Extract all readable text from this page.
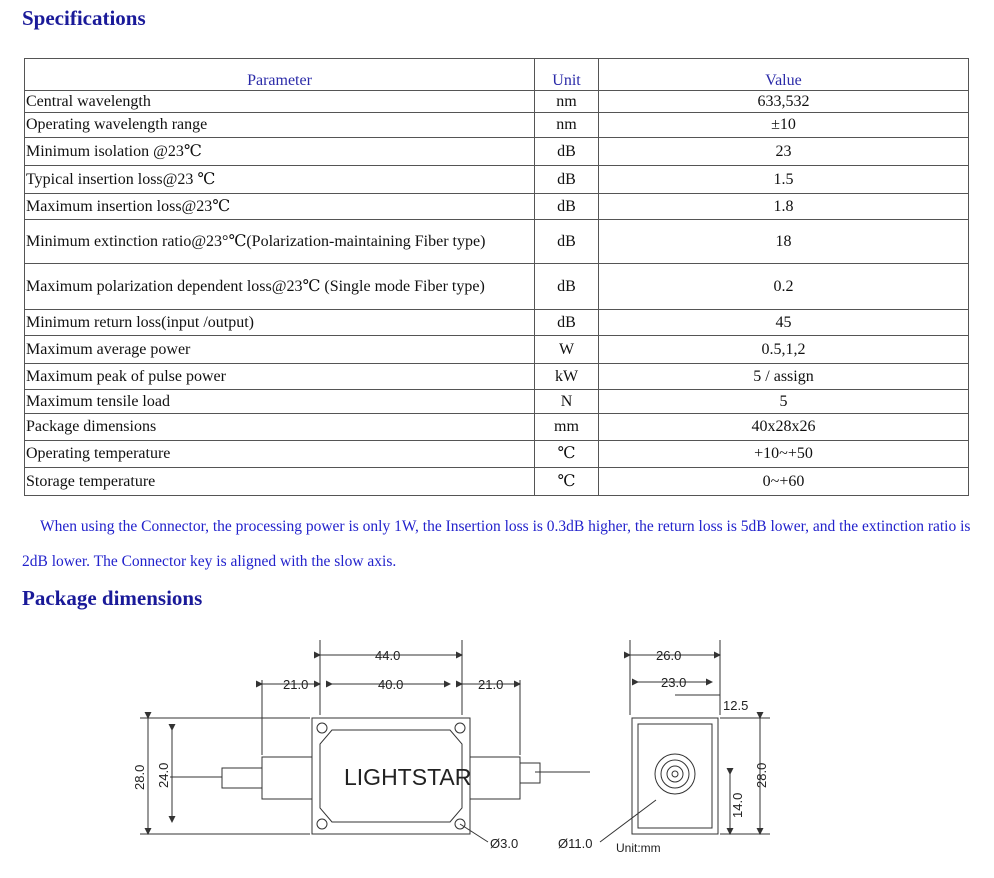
Specifications
Parameter	Unit	Value
Central wavelength	nm	633,532
Operating wavelength range	nm	±10
Minimum isolation @23℃	dB	23
Typical insertion loss@23 ℃	dB	1.5
Maximum insertion loss@23℃	dB	1.8
Minimum extinction ratio@23°℃(Polarization-maintaining Fiber type)	dB	18
Maximum polarization dependent loss@23℃ (Single mode Fiber type)	dB	0.2
Minimum return loss(input /output)	dB	45
Maximum average power	W	0.5,1,2
Maximum peak of pulse power	kW	5 / assign
Maximum tensile load	N	5
Package dimensions	mm	40x28x26
Operating temperature	℃	+10~+50
Storage temperature	℃	0~+60
When using the Connector, the processing power is only 1W, the Insertion loss is 0.3dB higher, the return loss is 5dB lower, and the extinction ratio is 2dB lower. The Connector key is aligned with the slow axis.
Package dimensions
44.0
40.0
21.0	21.0
28.0 24.0
Ø3.0	Ø11.0
26.0
23.0
12.5
28.0
14.0
Unit:mm
LIGHTSTAR
